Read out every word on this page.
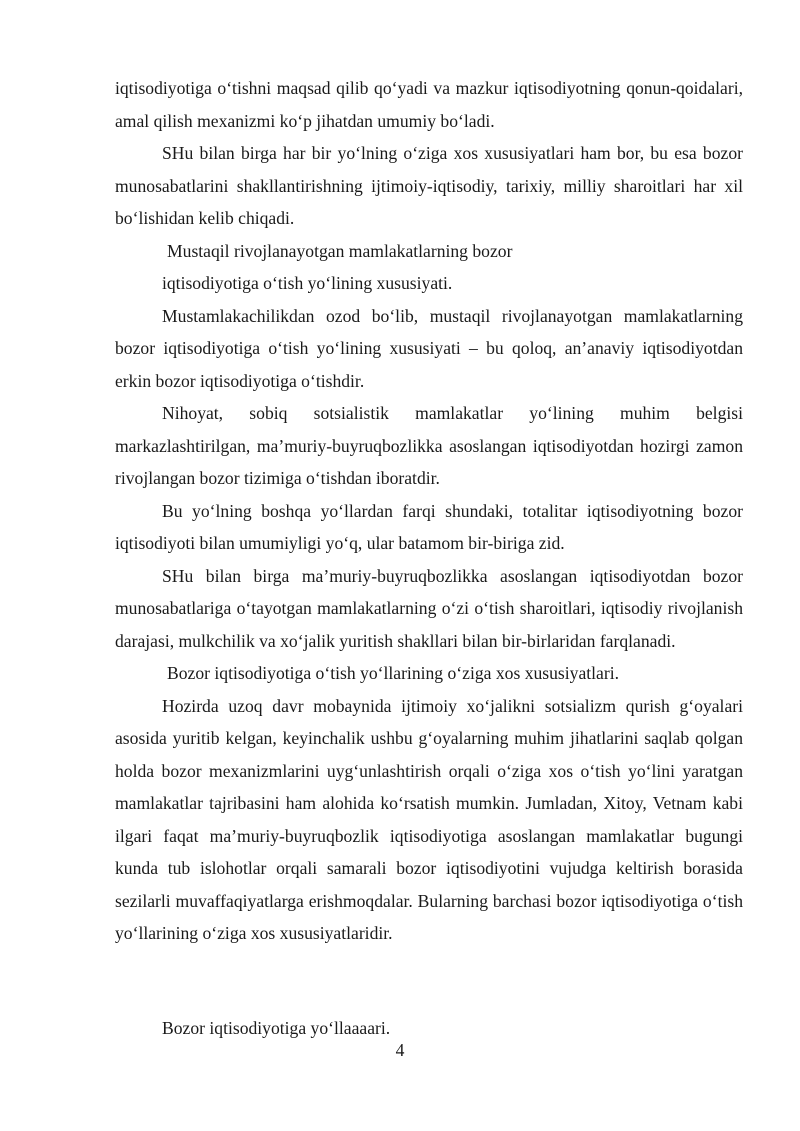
iqtisodiyotiga o‘tishni maqsad qilib qo‘yadi va mazkur iqtisodiyotning qonun-qoidalari, amal qilish mexanizmi ko‘p jihatdan umumiy bo‘ladi.

SHu bilan birga har bir yo‘lning o‘ziga xos xususiyatlari ham bor, bu esa bozor munosabatlarini shakllantirishning ijtimoiy-iqtisodiy, tarixiy, milliy sharoitlari har xil bo‘lishidan kelib chiqadi.

Mustaqil rivojlanayotgan mamlakatlarning bozor

iqtisodiyotiga o‘tish yo‘lining xususiyati.

Mustamlakachilikdan ozod bo‘lib, mustaqil rivojlanayotgan mamlakatlarning bozor iqtisodiyotiga o‘tish yo‘lining xususiyati – bu qoloq, an’anaviy iqtisodiyotdan erkin bozor iqtisodiyotiga o‘tishdir.

Nihoyat, sobiq sotsialistik mamlakatlar yo‘lining muhim belgisi markazlashtirilgan, ma’muriy-buyruqbozlikka asoslangan iqtisodiyotdan hozirgi zamon rivojlangan bozor tizimiga o‘tishdan iboratdir.

Bu yo‘lning boshqa yo‘llardan farqi shundaki, totalitar iqtisodiyotning bozor iqtisodiyoti bilan umumiyligi yo‘q, ular batamom bir-biriga zid.

SHu bilan birga ma’muriy-buyruqbozlikka asoslangan iqtisodiyotdan bozor munosabatlariga o‘tayotgan mamlakatlarning o‘zi o‘tish sharoitlari, iqtisodiy rivojlanish darajasi, mulkchilik va xo‘jalik yuritish shakllari bilan bir-birlaridan farqlanadi.

Bozor iqtisodiyotiga o‘tish yo‘llarining o‘ziga xos xususiyatlari.

Hozirda uzoq davr mobaynida ijtimoiy xo‘jalikni sotsializm qurish g‘oyalari asosida yuritib kelgan, keyinchalik ushbu g‘oyalarning muhim jihatlarini saqlab qolgan holda bozor mexanizmlarini uyg‘unlashtirish orqali o‘ziga xos o‘tish yo‘lini yaratgan mamlakatlar tajribasini ham alohida ko‘rsatish mumkin. Jumladan, Xitoy, Vetnam kabi ilgari faqat ma’muriy-buyruqbozlik iqtisodiyotiga asoslangan mamlakatlar bugungi kunda tub islohotlar orqali samarali bozor iqtisodiyotini vujudga keltirish borasida sezilarli muvaffaqiyatlarga erishmoqdalar. Bularning barchasi bozor iqtisodiyotiga o‘tish yo‘llarining o‘ziga xos xususiyatlaridir.

Bozor iqtisodiyotiga yo‘llaaaari.
4
